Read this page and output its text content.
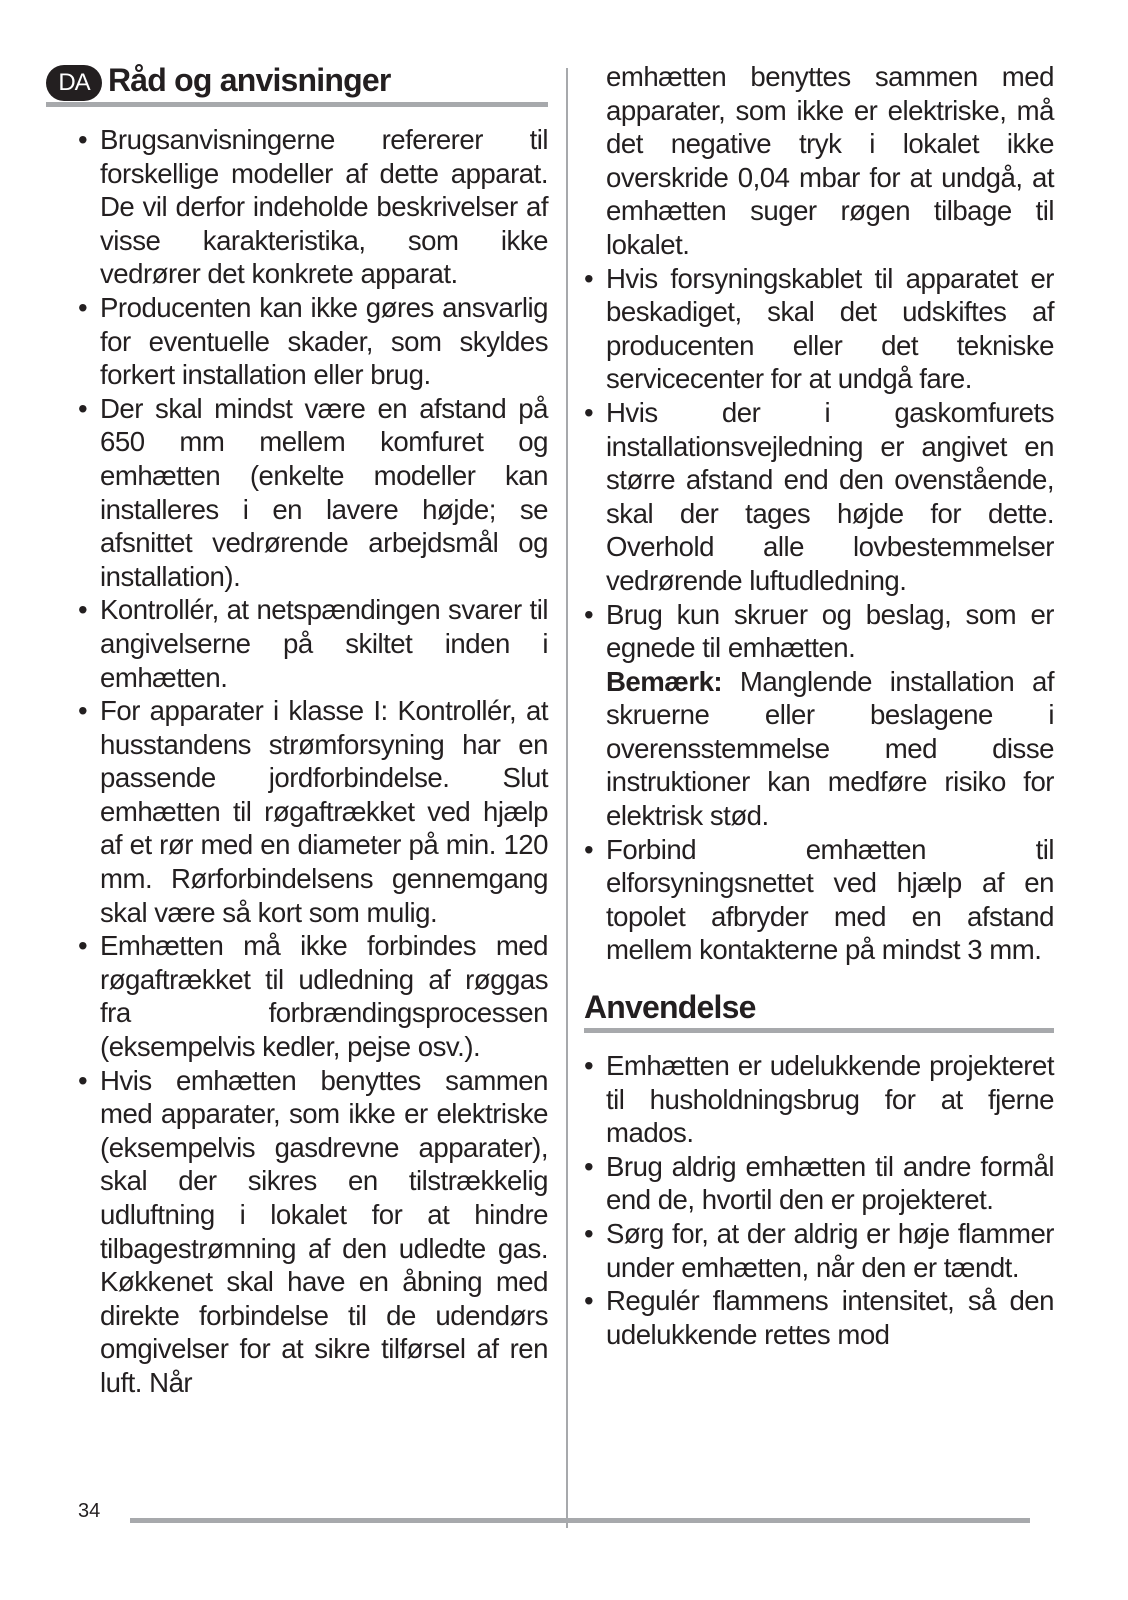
DA Råd og anvisninger
• Brugsanvisningerne refererer til forskellige modeller af dette apparat. De vil derfor indeholde beskrivelser af visse karakteristika, som ikke vedrører det konkrete apparat.
• Producenten kan ikke gøres ansvarlig for eventuelle skader, som skyldes forkert installation eller brug.
• Der skal mindst være en afstand på 650 mm mellem komfuret og emhætten (enkelte modeller kan installeres i en lavere højde; se afsnittet vedrørende arbejdsmål og installation).
• Kontrollér, at netspændingen svarer til angivelserne på skiltet inden i emhætten.
• For apparater i klasse I: Kontrollér, at husstandens strømforsyning har en passende jordforbindelse. Slut emhætten til røgaftrækket ved hjælp af et rør med en diameter på min. 120 mm. Rørforbindelsens gennemgang skal være så kort som mulig.
• Emhætten må ikke forbindes med røgaftrækket til udledning af røggas fra forbrændingsprocessen (eksempelvis kedler, pejse osv.).
• Hvis emhætten benyttes sammen med apparater, som ikke er elektriske (eksempelvis gasdrevne apparater), skal der sikres en tilstrækkelig udluftning i lokalet for at hindre tilbagestrømning af den udledte gas. Køkkenet skal have en åbning med direkte forbindelse til de udendørs omgivelser for at sikre tilførsel af ren luft. Når
emhætten benyttes sammen med apparater, som ikke er elektriske, må det negative tryk i lokalet ikke overskride 0,04 mbar for at undgå, at emhætten suger røgen tilbage til lokalet.
• Hvis forsyningskablet til apparatet er beskadiget, skal det udskiftes af producenten eller det tekniske servicecenter for at undgå fare.
• Hvis der i gaskomfurets installationsvejledning er angivet en større afstand end den ovenstående, skal der tages højde for dette. Overhold alle lovbestemmelser vedrørende luftudledning.
• Brug kun skruer og beslag, som er egnede til emhætten.
Bemærk: Manglende installation af skruerne eller beslagene i overensstemmelse med disse instruktioner kan medføre risiko for elektrisk stød.
• Forbind emhætten til elforsyningsnettet ved hjælp af en topolet afbryder med en afstand mellem kontakterne på mindst 3 mm.
Anvendelse
• Emhætten er udelukkende projekteret til husholdningsbrug for at fjerne mados.
• Brug aldrig emhætten til andre formål end de, hvortil den er projekteret.
• Sørg for, at der aldrig er høje flammer under emhætten, når den er tændt.
• Regulér flammens intensitet, så den udelukkende rettes mod
34
